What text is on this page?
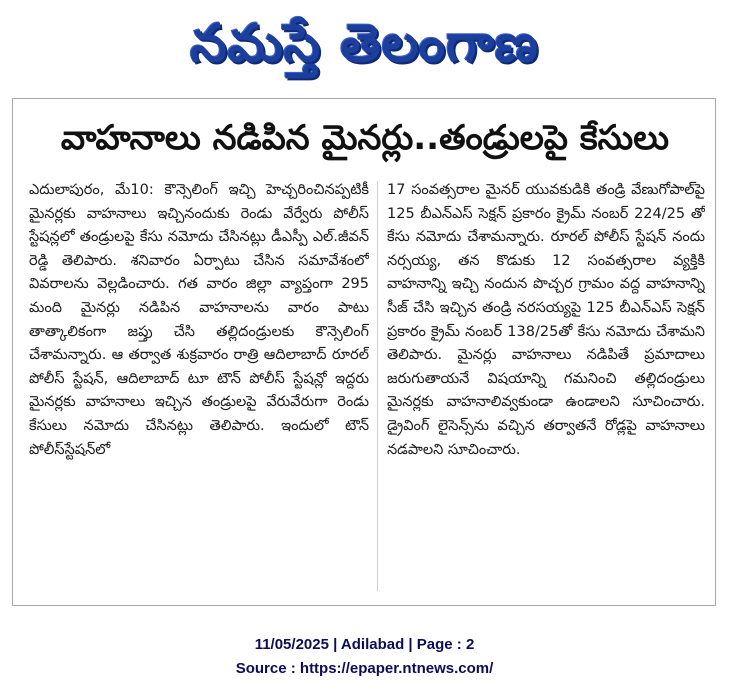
నమస్తే తెలంగాణ
వాహనాలు నడిపిన మైనర్లు..తండ్రులపై కేసులు
ఎదులాపురం, మే10: కౌన్సెలింగ్ ఇచ్చి హెచ్చరించినప్పటికీ మైనర్లకు వాహనాలు ఇచ్చినందుకు రెండు వేర్వేరు పోలీస్ స్టేషన్లలో తండ్రులపై కేసు నమోదు చేసినట్లు డీఎస్పీ ఎల్.జీవన్ రెడ్డి తెలిపారు. శనివారం ఏర్పాటు చేసిన సమావేశంలో వివరాలను వెల్లడించారు. గత వారం జిల్లా వ్యాప్తంగా 295 మంది మైనర్లు నడిపిన వాహనాలను వారం పాటు తాత్కాలికంగా జప్తు చేసి తల్లిదండ్రులకు కౌన్సెలింగ్ చేశామన్నారు. ఆ తర్వాత శుక్రవారం రాత్రి ఆదిలాబాద్ రూరల్ పోలీస్ స్టేషన్, ఆదిలాబాద్ టూ టౌన్ పోలీస్ స్టేషన్లో ఇద్దరు మైనర్లకు వాహనాలు ఇచ్చిన తండ్రులపై వేరువేరుగా రెండు కేసులు నమోదు చేసినట్లు తెలిపారు. ఇందులో టౌన్ పోలీస్‌స్టేషన్‌లో
17 సంవత్సరాల మైనర్ యువకుడికి తండ్రి వేణుగోపాల్‌పై 125 బీఎన్ఎస్ సెక్షన్ ప్రకారం క్రైమ్ నంబర్ 224/25 తో కేసు నమోదు చేశామన్నారు. రూరల్ పోలీస్ స్టేషన్ నందు నర్సయ్య, తన కొడుకు 12 సంవత్సరాల వ్యక్తికి వాహనాన్ని ఇచ్చి నందున పొచ్చర గ్రామం వద్ద వాహనాన్ని సీజ్ చేసి ఇచ్చిన తండ్రి నరసయ్యపై 125 బీఎన్ఎస్ సెక్షన్ ప్రకారం క్రైమ్ నంబర్ 138/25తో కేసు నమోదు చేశామని తెలిపారు. మైనర్లు వాహనాలు నడిపితే ప్రమాదాలు జరుగుతాయనే విషయాన్ని గమనించి తల్లిదండ్రులు మైనర్లకు వాహనాలివ్వకుండా ఉండాలని సూచించారు. డ్రైవింగ్ లైసెన్స్‌ను వచ్చిన తర్వాతనే రోడ్లపై వాహనాలు నడపాలని సూచించారు.
11/05/2025 | Adilabad | Page : 2
Source : https://epaper.ntnews.com/
